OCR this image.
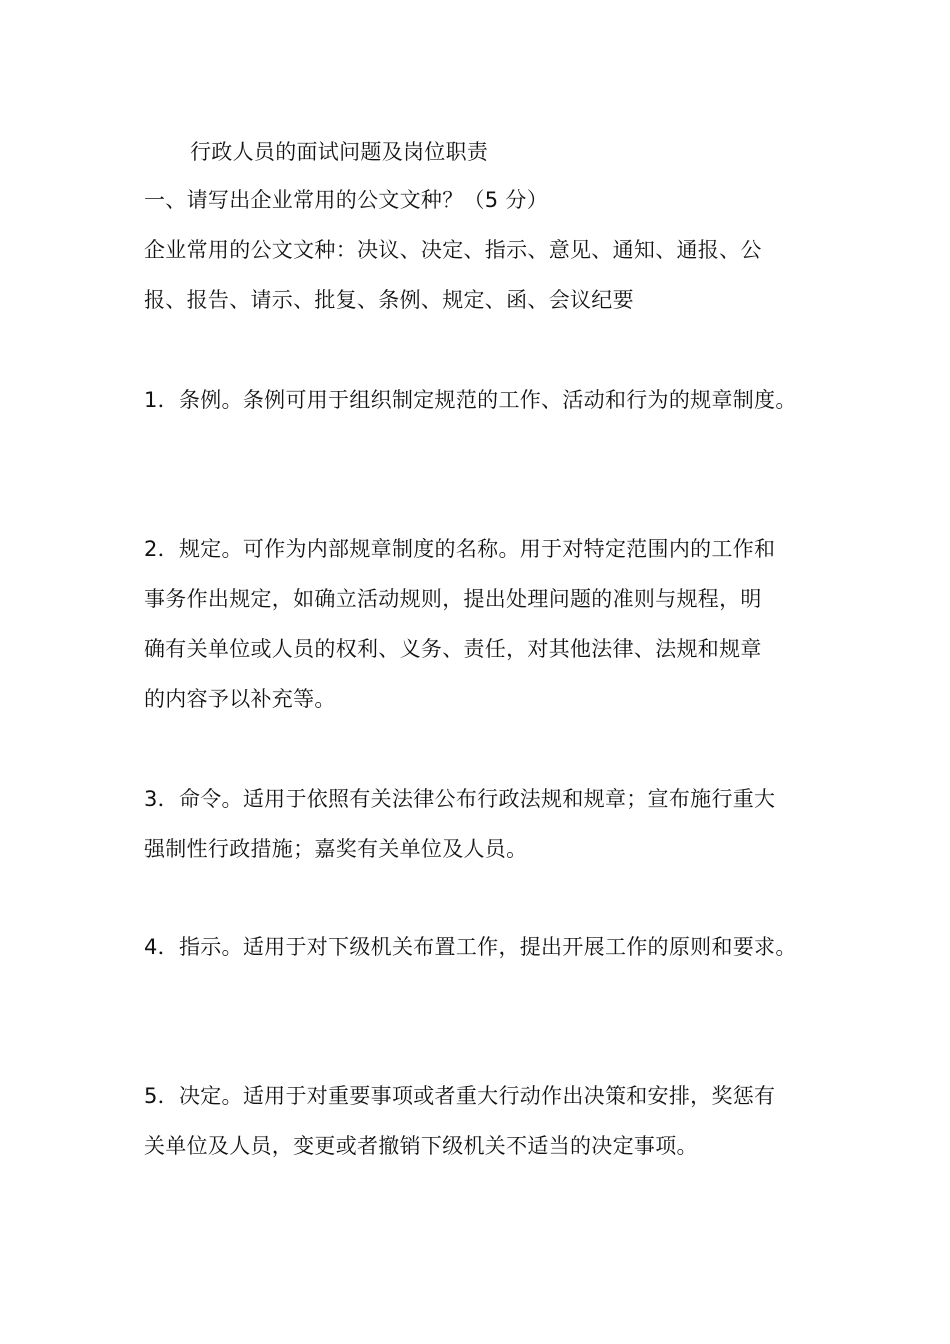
行政人员的面试问题及岗位职责
一、请写出企业常用的公文文种？（5 分）
企业常用的公文文种：决议、决定、指示、意见、通知、通报、公
报、报告、请示、批复、条例、规定、函、会议纪要
1．条例。条例可用于组织制定规范的工作、活动和行为的规章制度。
2．规定。可作为内部规章制度的名称。用于对特定范围内的工作和
事务作出规定，如确立活动规则，提出处理问题的准则与规程，明
确有关单位或人员的权利、义务、责任，对其他法律、法规和规章
的内容予以补充等。
3．命令。适用于依照有关法律公布行政法规和规章；宣布施行重大
强制性行政措施；嘉奖有关单位及人员。
4．指示。适用于对下级机关布置工作，提出开展工作的原则和要求。
5．决定。适用于对重要事项或者重大行动作出决策和安排，奖惩有
关单位及人员，变更或者撤销下级机关不适当的决定事项。
